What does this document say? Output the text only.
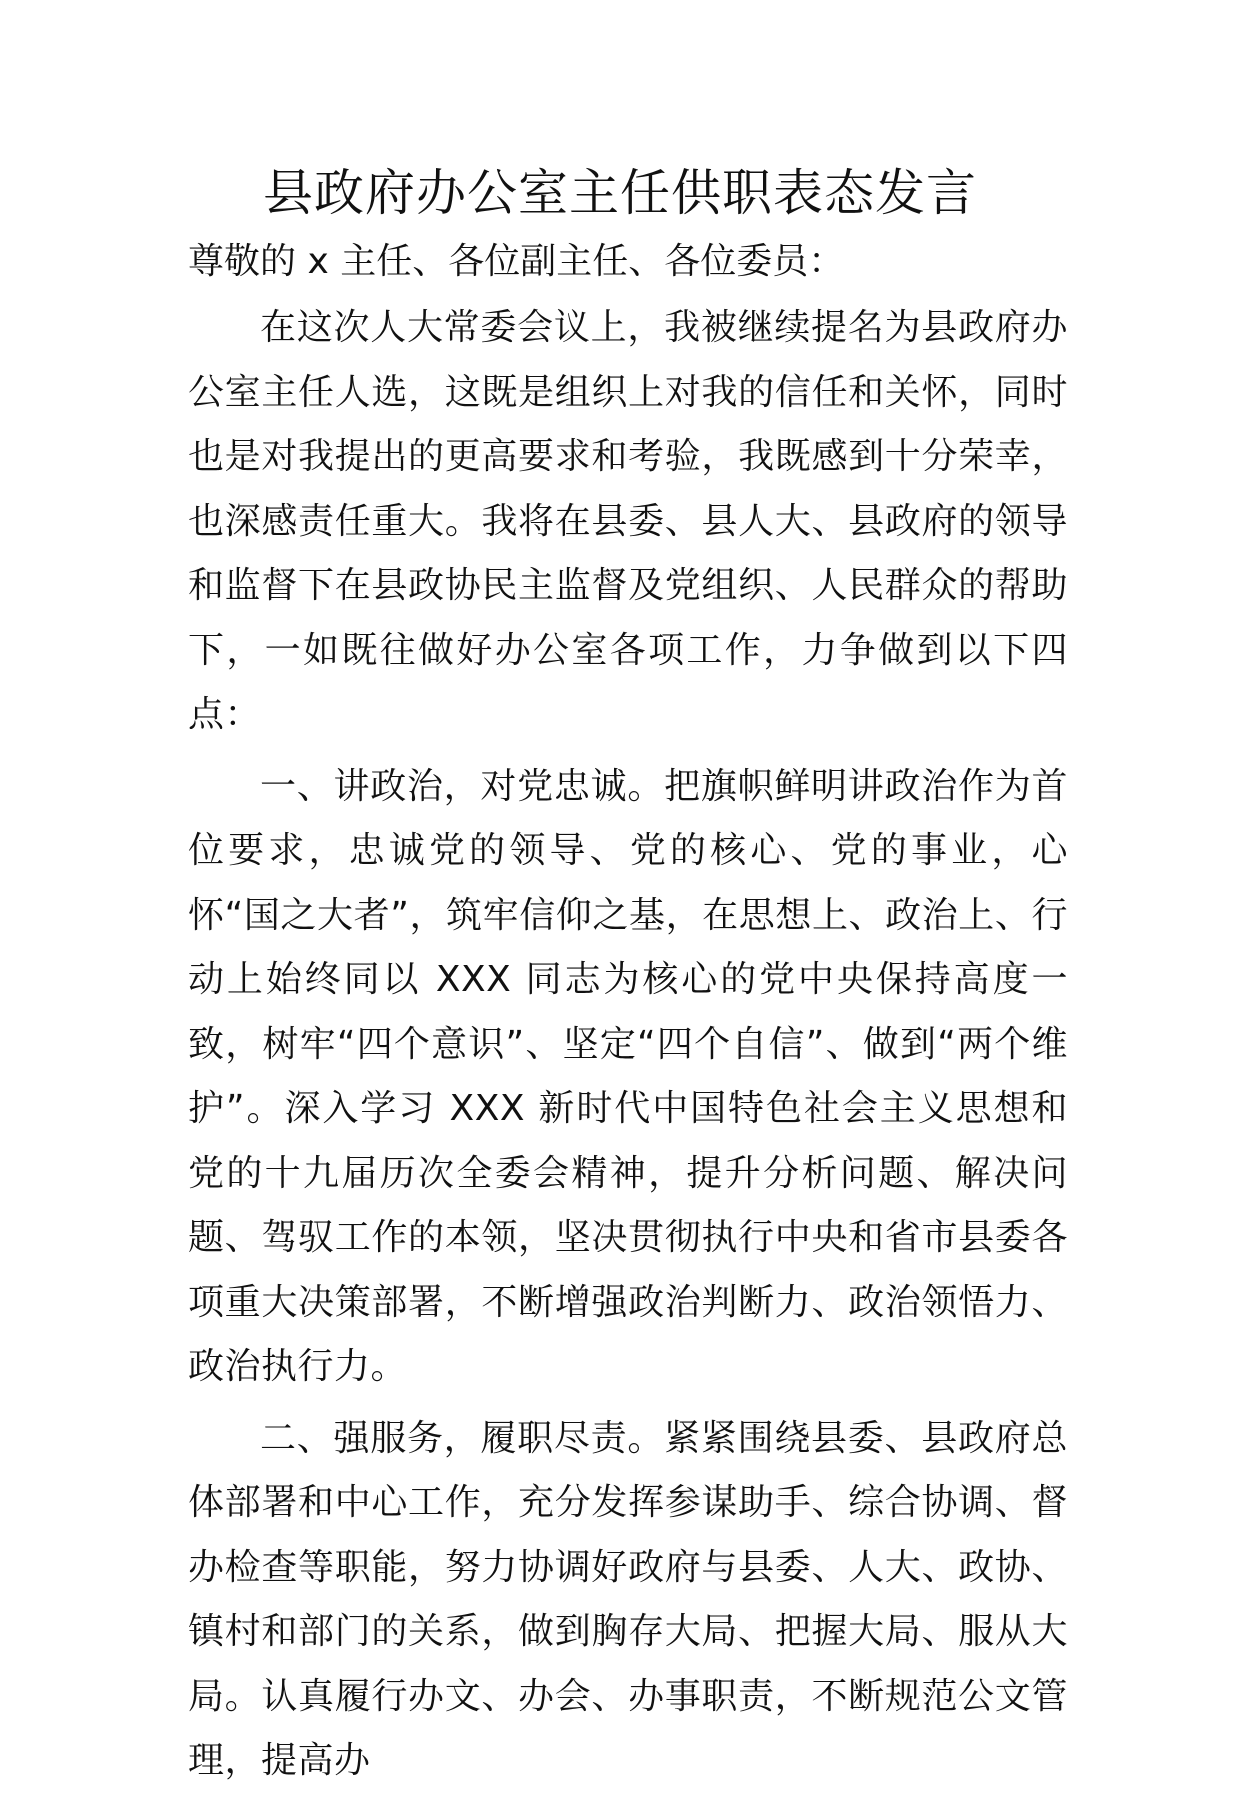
县政府办公室主任供职表态发言

尊敬的 x 主任、各位副主任、各位委员：

在这次人大常委会议上，我被继续提名为县政府办公室主任人选，这既是组织上对我的信任和关怀，同时也是对我提出的更高要求和考验，我既感到十分荣幸，也深感责任重大。我将在县委、县人大、县政府的领导和监督下在县政协民主监督及党组织、人民群众的帮助下，一如既往做好办公室各项工作，力争做到以下四点：

一、讲政治，对党忠诚。把旗帜鲜明讲政治作为首位要求，忠诚党的领导、党的核心、党的事业，心怀“国之大者”，筑牢信仰之基，在思想上、政治上、行动上始终同以 XXX 同志为核心的党中央保持高度一致，树牢“四个意识”、坚定“四个自信”、做到“两个维护”。深入学习 XXX 新时代中国特色社会主义思想和党的十九届历次全委会精神，提升分析问题、解决问题、驾驭工作的本领，坚决贯彻执行中央和省市县委各项重大决策部署，不断增强政治判断力、政治领悟力、政治执行力。

二、强服务，履职尽责。紧紧围绕县委、县政府总体部署和中心工作，充分发挥参谋助手、综合协调、督办检查等职能，努力协调好政府与县委、人大、政协、镇村和部门的关系，做到胸存大局、把握大局、服从大局。认真履行办文、办会、办事职责，不断规范公文管理，提高办
